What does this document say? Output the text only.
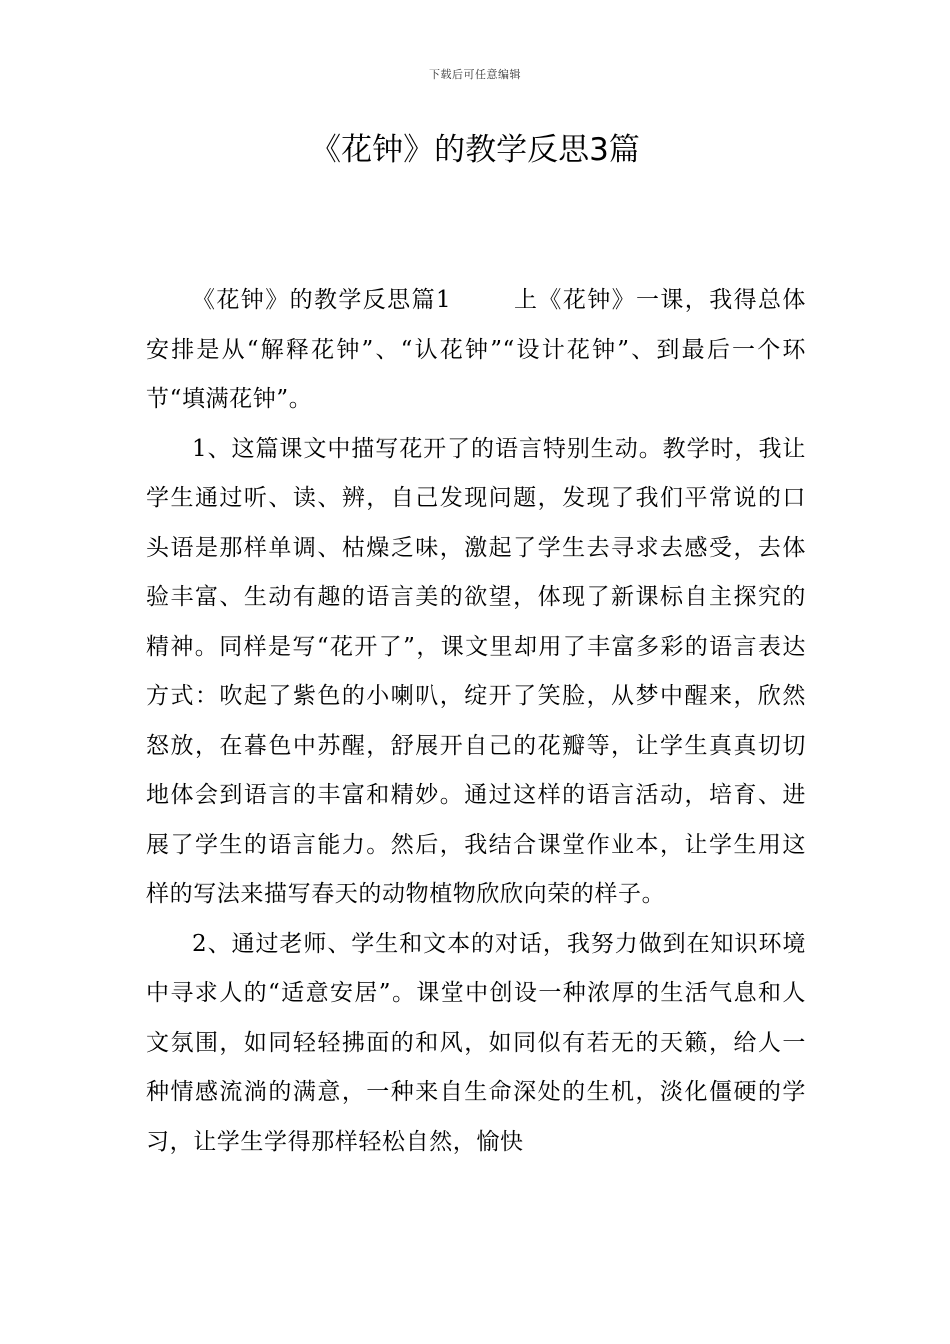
下载后可任意编辑
《花钟》的教学反思3篇

《花钟》的教学反思篇1	上《花钟》一课，我得总体安排是从“解释花钟”、“认花钟”“设计花钟”、到最后一个环节“填满花钟”。

1、这篇课文中描写花开了的语言特别生动。教学时，我让学生通过听、读、辨，自己发现问题，发现了我们平常说的口头语是那样单调、枯燥乏味，激起了学生去寻求去感受，去体验丰富、生动有趣的语言美的欲望，体现了新课标自主探究的精神。同样是写“花开了”，课文里却用了丰富多彩的语言表达方式：吹起了紫色的小喇叭，绽开了笑脸，从梦中醒来，欣然怒放，在暮色中苏醒，舒展开自己的花瓣等，让学生真真切切地体会到语言的丰富和精妙。通过这样的语言活动，培育、进展了学生的语言能力。然后，我结合课堂作业本，让学生用这样的写法来描写春天的动物植物欣欣向荣的样子。

2、通过老师、学生和文本的对话，我努力做到在知识环境中寻求人的“适意安居”。课堂中创设一种浓厚的生活气息和人文氛围，如同轻轻拂面的和风，如同似有若无的天籁，给人一种情感流淌的满意，一种来自生命深处的生机，淡化僵硬的学习，让学生学得那样轻松自然，愉快
